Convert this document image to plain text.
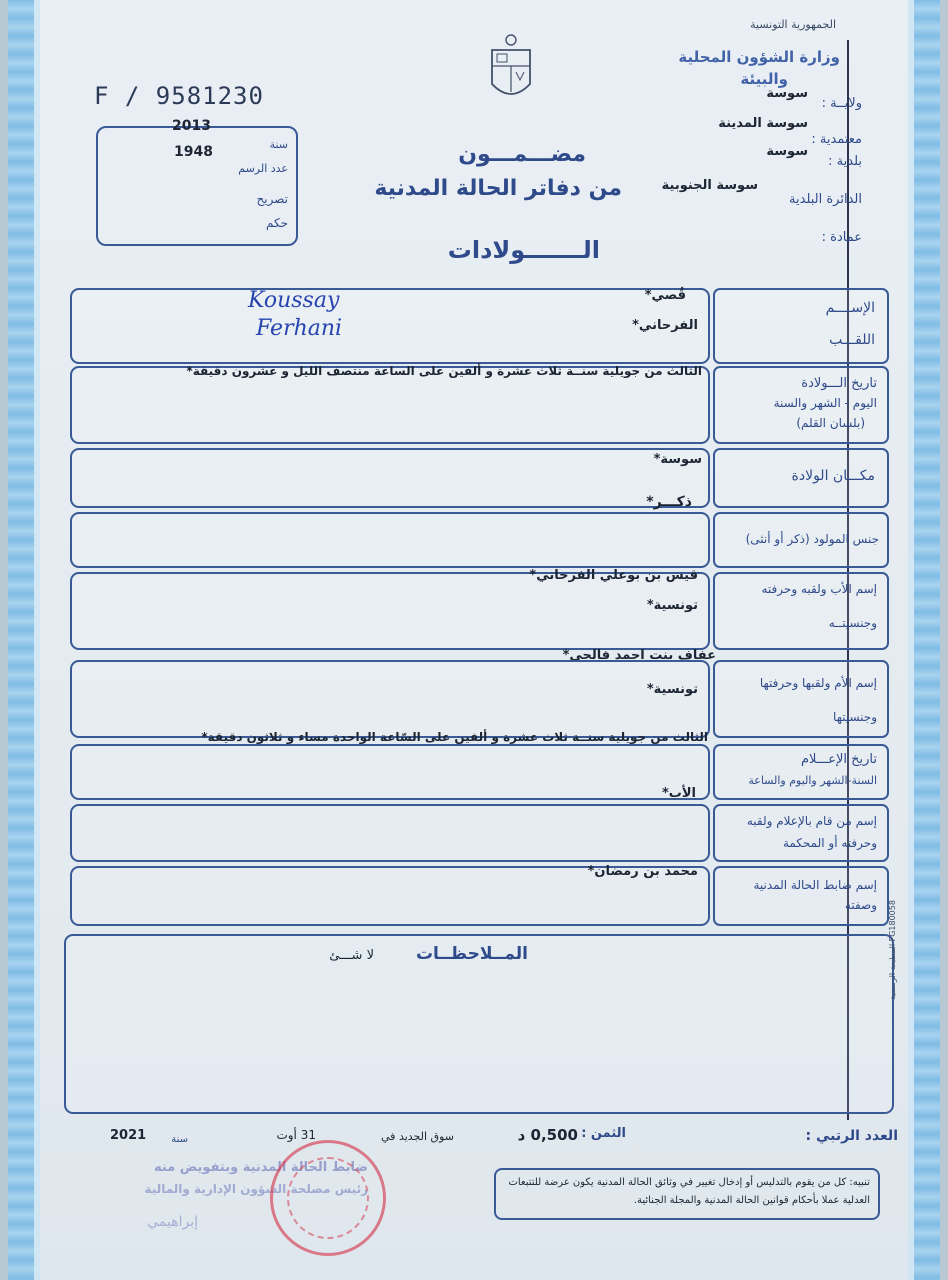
F / 9581230
2013
سنة
1948
عدد الرسم
تصريح
حكم
الجمهورية التونسية
وزارة الشؤون المحلية
والبيئة
ولايــة :
سوسة
معتمدية :
سوسة المدينة
بلدية :
سوسة
الدائرة البلدية
سوسة الجنوبية
عمادة :
مضـــمـــون
من دفاتر الحالة المدنية
الـــــــولادات
Koussay
Ferhani
قُصي*
الفرحاني*
الإســــم
اللقـــب
الثالث من جويلية سنــة ثلاث عشرة و ألفين على الساعة منتصف الليل و عشرون دقيقة*
تاريخ الـــولادة
اليوم - الشهر والسنة
(بلسان القلم)
سوسة*
مكـــان الولادة
ذكـــر*
جنس المولود (ذكر أو أنثى)
قيس بن بوعلي الفرحاني*
تونسية*
إسم الأب ولقبه وحرفته
وجنسيتــه
عفاف بنت احمد فالحي*
تونسية*	إسم الأم ولقبها وحرفتها
وجنسيتها
الثالث من جويلية سنــة ثلاث عشرة و ألفين على السّاعة الواحدة مساء و ثلاثون دقيقة*
تاريخ الإعـــلام
السنة-الشهر واليوم والساعة
الأب*
إسم من قام بالإعلام ولقبه
وحرفته أو المحكمة
محمد بن رمضان*
إسم ضابط الحالة المدنية
وصفته
المــلاحظــات
لا شـــئ	المطبعة الرسمية FG180058
العدد الرتبي :
الثمن :
0,500 د
سوق الجديد في
31 أوت
سنة
2021
ضابط الحالة المدنية وبتفويض منه
رئيس مصلحة الشؤون الإدارية والمالية
إبراهيمي
تنبيه: كل من يقوم بالتدليس أو إدخال تغيير في وثائق الحالة المدنية يكون عرضة للتتبعات العدلية عملا بأحكام قوانين الحالة المدنية والمجلة الجنائية.
